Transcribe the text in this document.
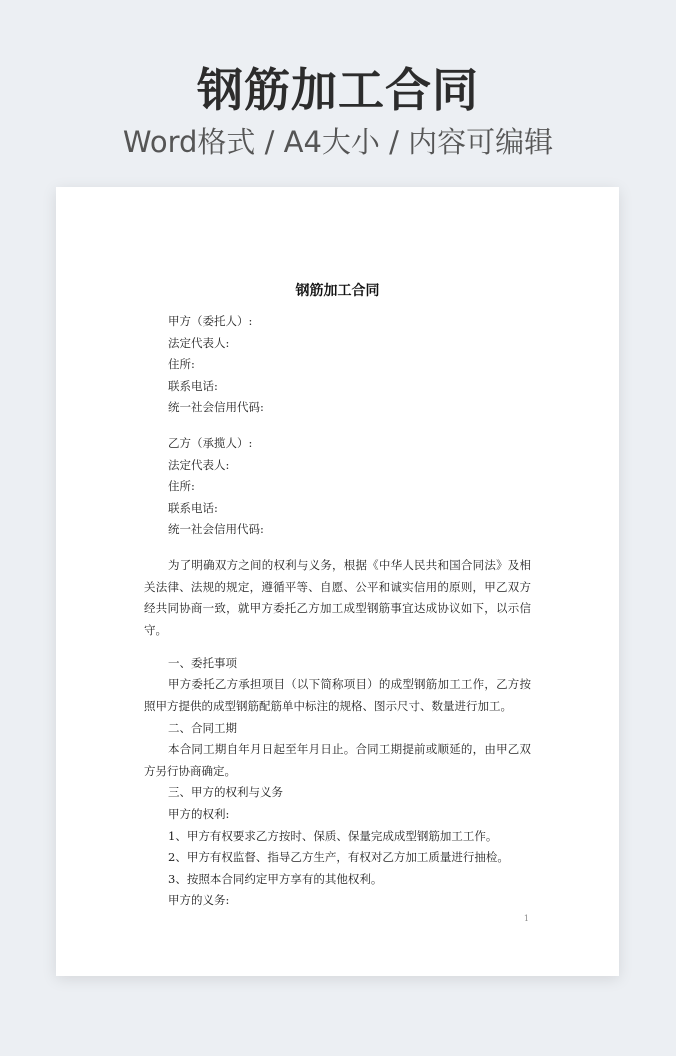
钢筋加工合同
Word格式 / A4大小 / 内容可编辑
钢筋加工合同
甲方（委托人）:
法定代表人:
住所:
联系电话:
统一社会信用代码:
乙方（承揽人）:
法定代表人:
住所:
联系电话:
统一社会信用代码:

为了明确双方之间的权利与义务，根据《中华人民共和国合同法》及相关法律、法规的规定，遵循平等、自愿、公平和诚实信用的原则，甲乙双方经共同协商一致，就甲方委托乙方加工成型钢筋事宜达成协议如下，以示信守。

一、委托事项

甲方委托乙方承担项目（以下简称项目）的成型钢筋加工工作，乙方按照甲方提供的成型钢筋配筋单中标注的规格、图示尺寸、数量进行加工。

二、合同工期

本合同工期自年月日起至年月日止。合同工期提前或顺延的，由甲乙双方另行协商确定。

三、甲方的权利与义务

甲方的权利:

1、甲方有权要求乙方按时、保质、保量完成成型钢筋加工工作。

2、甲方有权监督、指导乙方生产，有权对乙方加工质量进行抽检。

3、按照本合同约定甲方享有的其他权利。

甲方的义务:

1
